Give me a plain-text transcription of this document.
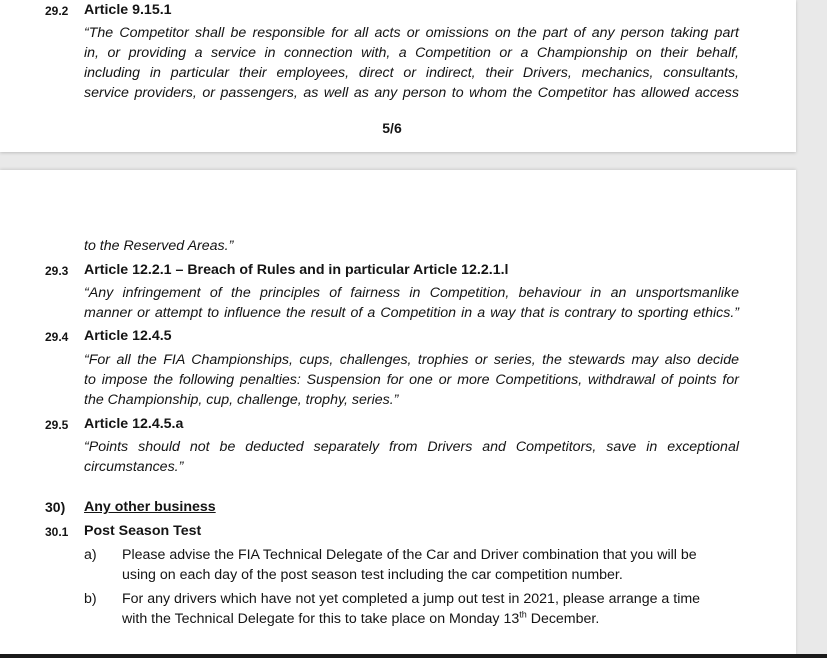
29.2 Article 9.15.1
“The Competitor shall be responsible for all acts or omissions on the part of any person taking part
in, or providing a service in connection with, a Competition or a Championship on their behalf,
including in particular their employees, direct or indirect, their Drivers, mechanics, consultants,
service providers, or passengers, as well as any person to whom the Competitor has allowed access
5/6
to the Reserved Areas.”
29.3 Article 12.2.1 – Breach of Rules and in particular Article 12.2.1.l
“Any infringement of the principles of fairness in Competition, behaviour in an unsportsmanlike
manner or attempt to influence the result of a Competition in a way that is contrary to sporting ethics.”
29.4 Article 12.4.5
“For all the FIA Championships, cups, challenges, trophies or series, the stewards may also decide
to impose the following penalties: Suspension for one or more Competitions, withdrawal of points for
the Championship, cup, challenge, trophy, series.”
29.5 Article 12.4.5.a
“Points should not be deducted separately from Drivers and Competitors, save in exceptional
circumstances.”
30) Any other business
30.1 Post Season Test
a) Please advise the FIA Technical Delegate of the Car and Driver combination that you will be
using on each day of the post season test including the car competition number.
b) For any drivers which have not yet completed a jump out test in 2021, please arrange a time
with the Technical Delegate for this to take place on Monday 13th December.
